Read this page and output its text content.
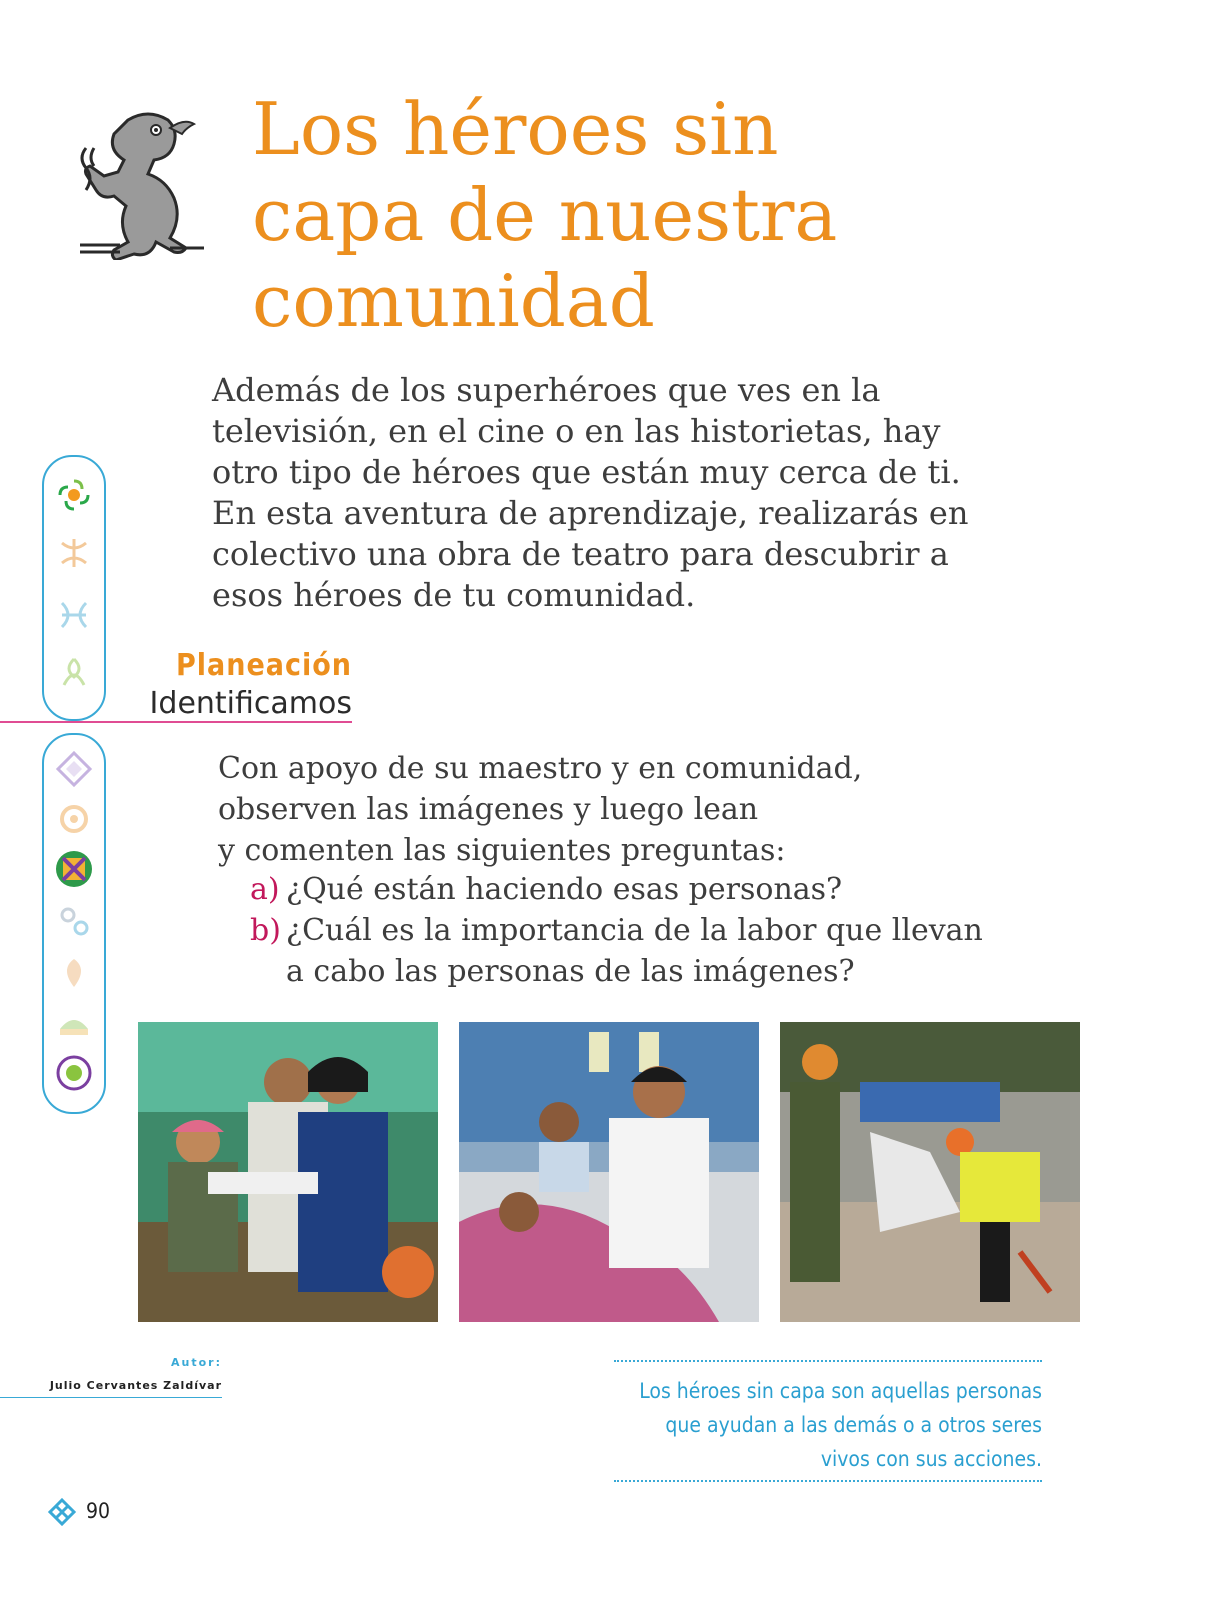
Los héroes sin
capa de nuestra
comunidad

Además de los superhéroes que ves en la televisión, en el cine o en las historietas, hay otro tipo de héroes que están muy cerca de ti. En esta aventura de aprendizaje, realizarás en colectivo una obra de teatro para descubrir a esos héroes de tu comunidad.

Planeación
Identificamos

Con apoyo de su maestro y en comunidad,

observen las imágenes y luego lean

y comenten las siguientes preguntas:

a) ¿Qué están haciendo esas personas?
b) ¿Cuál es la importancia de la labor que llevan a cabo las personas de las imágenes?
Autor:
Julio Cervantes Zaldívar	Los héroes sin capa son aquellas personas que ayudan a las demás o a otros seres vivos con sus acciones.

90
